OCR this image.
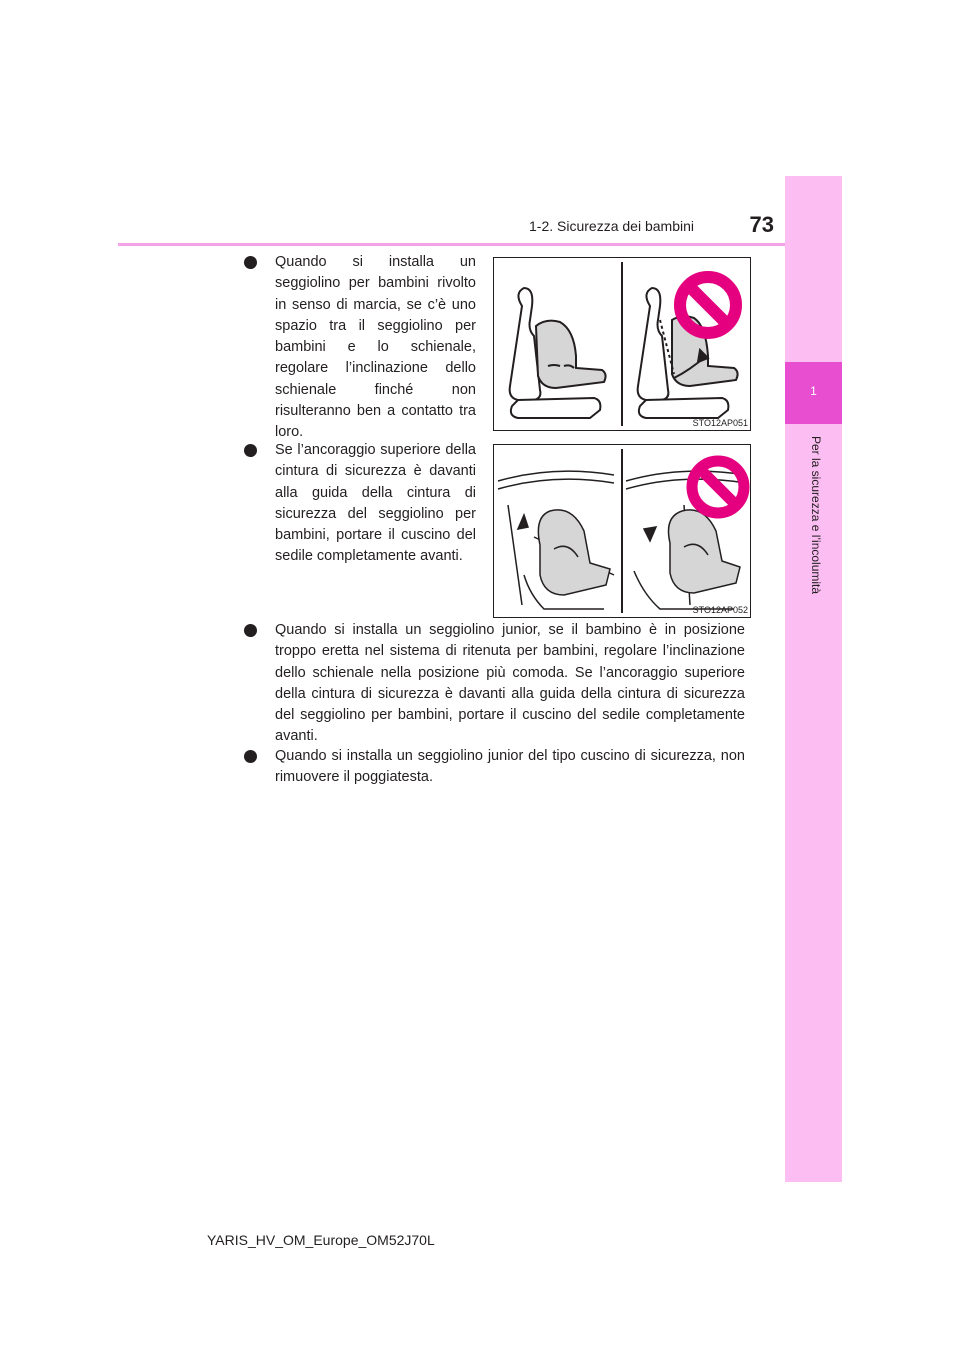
1-2. Sicurezza dei bambini	73
1
Per la sicurezza e l’incolumità
Quando si installa un seggiolino per bambini rivolto in senso di marcia, se c’è uno spazio tra il seggiolino per bambini e lo schienale, regolare l’inclinazione dello schienale finché non risulteranno ben a contatto tra loro.
Se l’ancoraggio superiore della cintura di sicurezza è davanti alla guida della cintura di sicurezza del seggiolino per bambini, portare il cuscino del sedile completamente avanti.
Quando si installa un seggiolino junior, se il bambino è in posizione troppo eretta nel sistema di ritenuta per bambini, regolare l’inclinazione dello schienale nella posizione più comoda. Se l’ancoraggio superiore della cintura di sicurezza è davanti alla guida della cintura di sicurezza del seggiolino per bambini, portare il cuscino del sedile completamente avanti.
Quando si installa un seggiolino junior del tipo cuscino di sicurezza, non rimuovere il poggiatesta.
STO12AP051
STO12AP052
YARIS_HV_OM_Europe_OM52J70L
